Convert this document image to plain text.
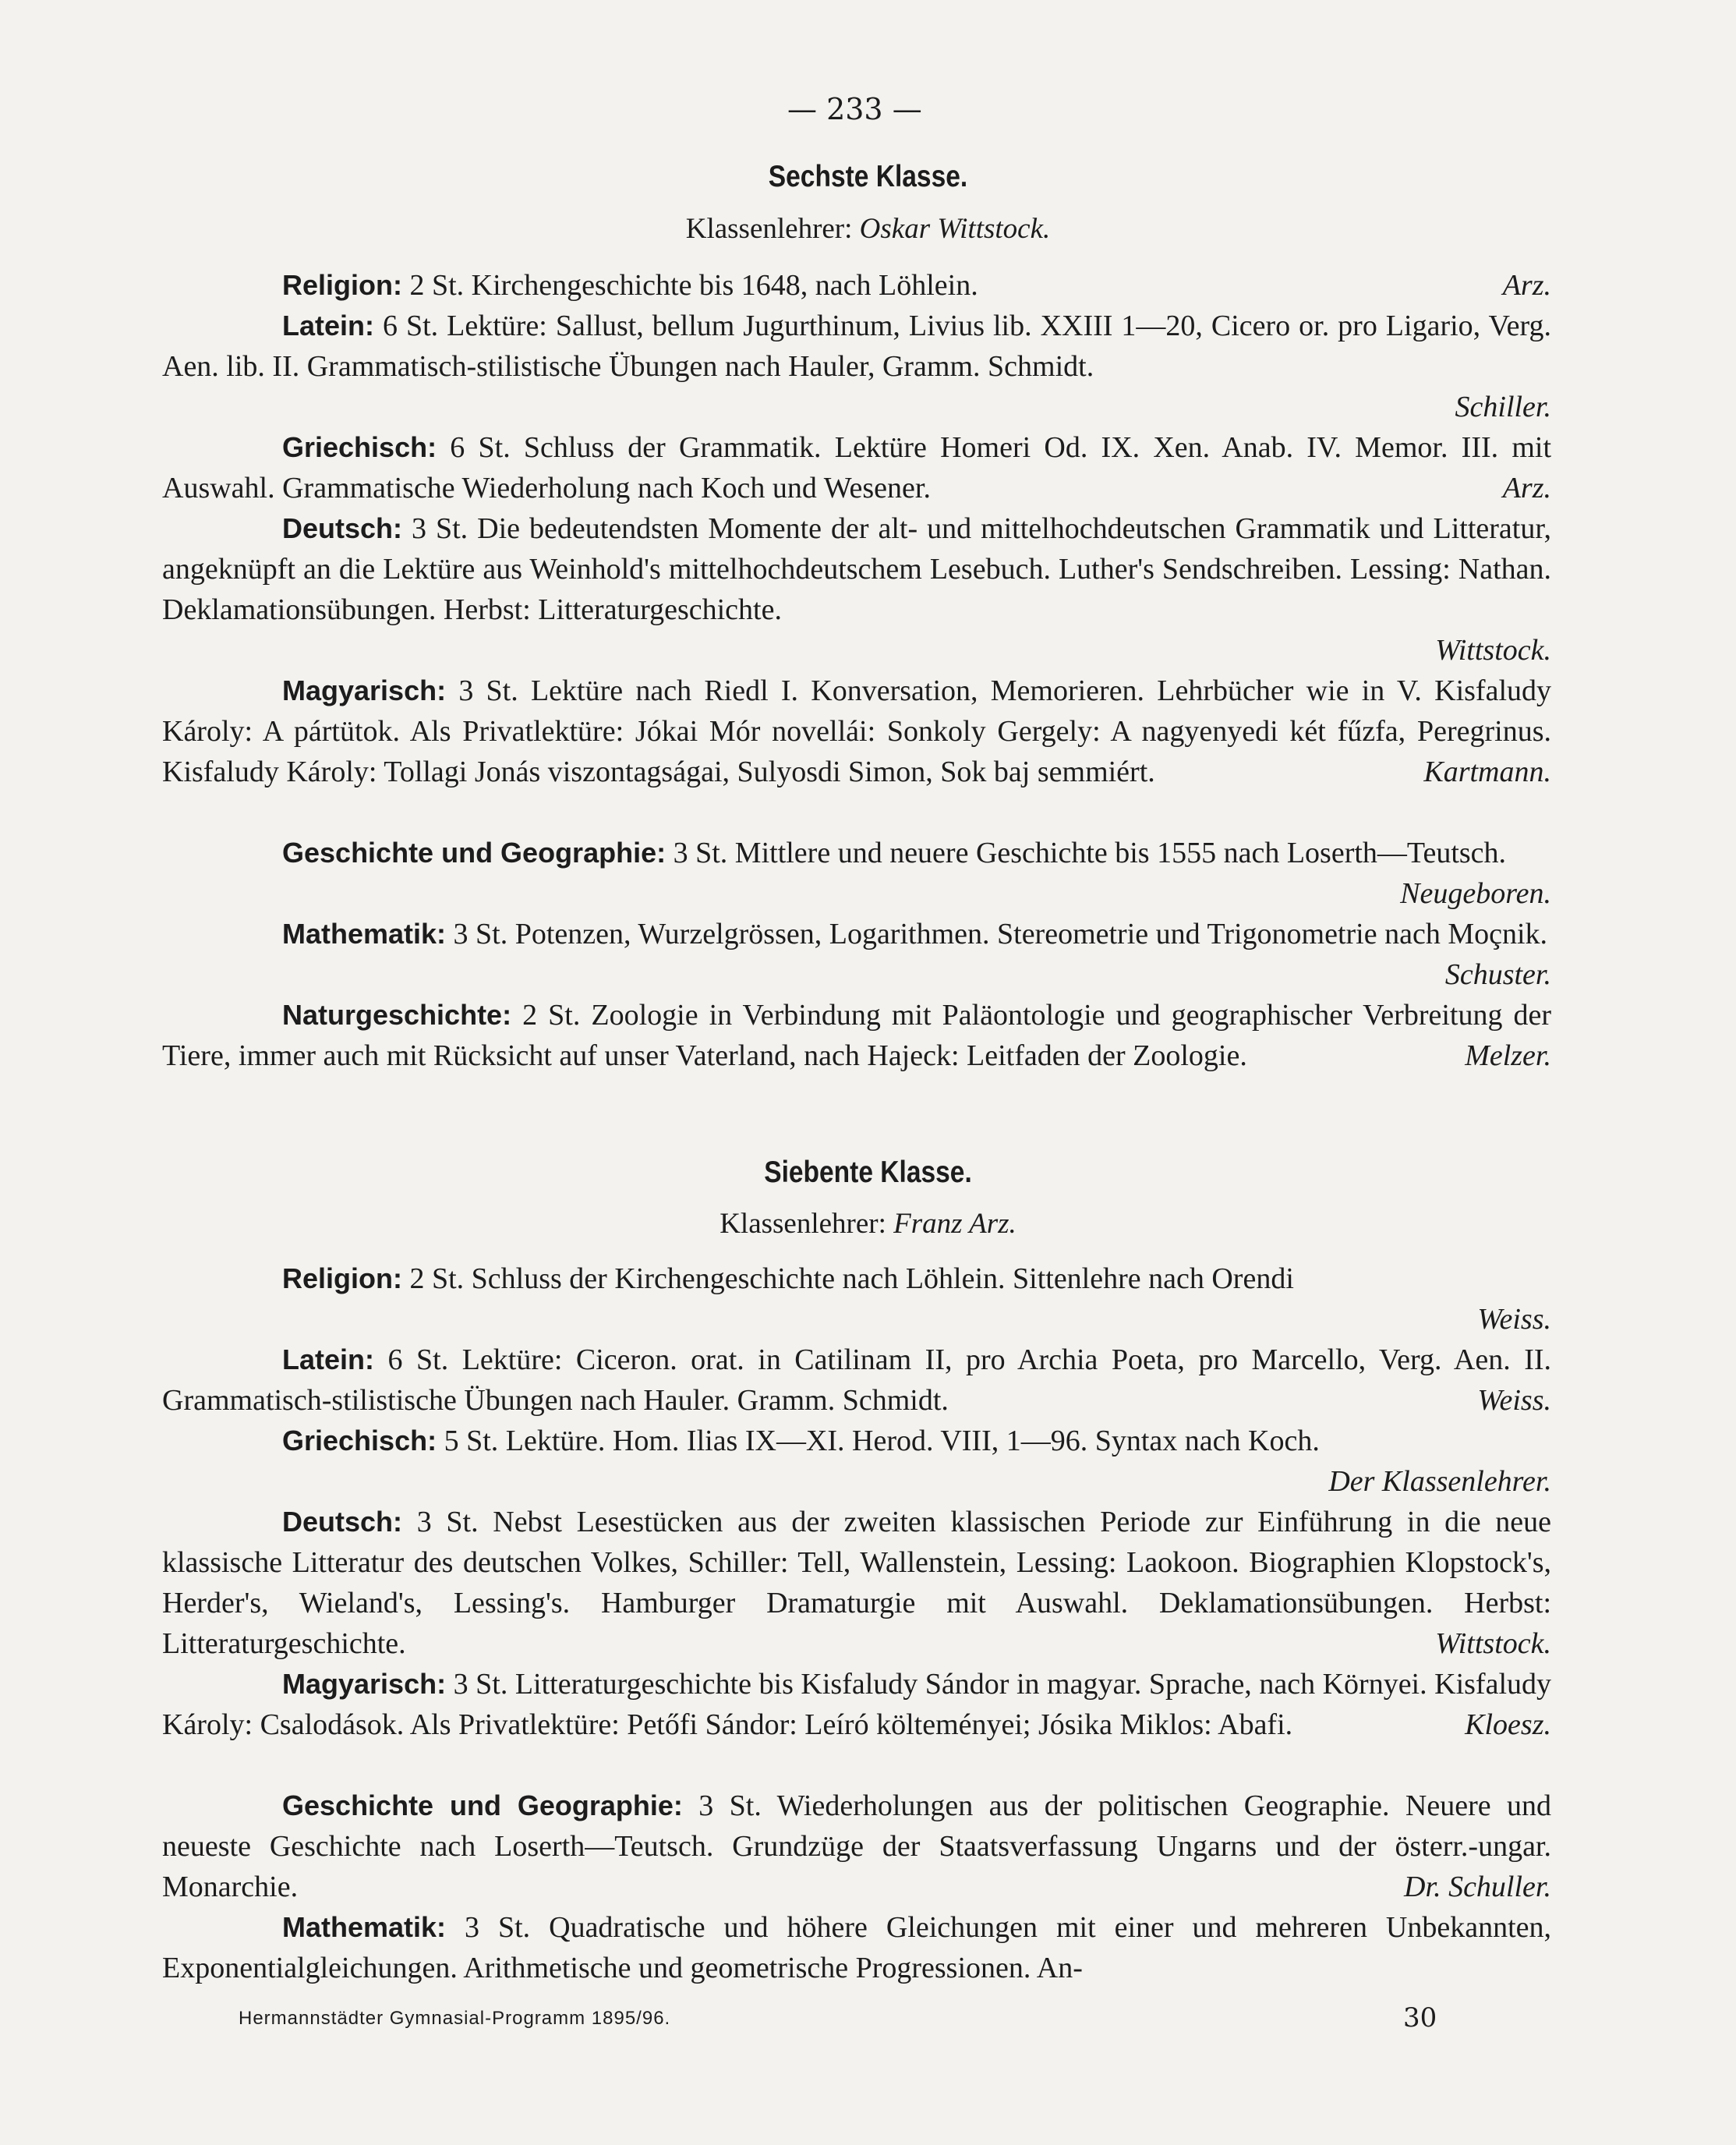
— 233 —
Sechste Klasse.
Klassenlehrer: Oskar Wittstock.
Religion: 2 St. Kirchengeschichte bis 1648, nach Löhlein.	Arz.
Latein: 6 St. Lektüre: Sallust, bellum Jugurthinum, Livius lib. XXIII 1—20, Cicero or. pro Ligario, Verg. Aen. lib. II. Grammatisch-stilistische Übungen nach Hauler, Gramm. Schmidt.
Schiller.
Griechisch: 6 St. Schluss der Grammatik. Lektüre Homeri Od. IX. Xen. Anab. IV. Memor. III. mit Auswahl. Grammatische Wiederholung nach Koch und Wesener.	Arz.
Deutsch: 3 St. Die bedeutendsten Momente der alt- und mittelhochdeutschen Grammatik und Litteratur, angeknüpft an die Lektüre aus Weinhold's mittelhochdeutschem Lesebuch. Luther's Sendschreiben. Lessing: Nathan. Deklamationsübungen. Herbst: Litteraturgeschichte.
Wittstock.
Magyarisch: 3 St. Lektüre nach Riedl I. Konversation, Memorieren. Lehrbücher wie in V. Kisfaludy Károly: A pártütok. Als Privatlektüre: Jókai Mór novellái: Sonkoly Gergely: A nagyenyedi két fűzfa, Peregrinus. Kisfaludy Károly: Tollagi Jonás viszontagságai, Sulyosdi Simon, Sok baj semmiért.	Kartmann.
Geschichte und Geographie: 3 St. Mittlere und neuere Geschichte bis 1555 nach Loserth—Teutsch.
Neugeboren.
Mathematik: 3 St. Potenzen, Wurzelgrössen, Logarithmen. Stereometrie und Trigonometrie nach Moçnik.
Schuster.
Naturgeschichte: 2 St. Zoologie in Verbindung mit Paläontologie und geographischer Verbreitung der Tiere, immer auch mit Rücksicht auf unser Vaterland, nach Hajeck: Leitfaden der Zoologie.	Melzer.
Siebente Klasse.
Klassenlehrer: Franz Arz.
Religion: 2 St. Schluss der Kirchengeschichte nach Löhlein. Sittenlehre nach Orendi
Weiss.
Latein: 6 St. Lektüre: Ciceron. orat. in Catilinam II, pro Archia Poeta, pro Marcello, Verg. Aen. II. Grammatisch-stilistische Übungen nach Hauler. Gramm. Schmidt.	Weiss.
Griechisch: 5 St. Lektüre. Hom. Ilias IX—XI. Herod. VIII, 1—96. Syntax nach Koch.
Der Klassenlehrer.
Deutsch: 3 St. Nebst Lesestücken aus der zweiten klassischen Periode zur Einführung in die neue klassische Litteratur des deutschen Volkes, Schiller: Tell, Wallenstein, Lessing: Laokoon. Biographien Klopstock's, Herder's, Wieland's, Lessing's. Hamburger Dramaturgie mit Auswahl. Deklamationsübungen. Herbst: Litteraturgeschichte.	Wittstock.
Magyarisch: 3 St. Litteraturgeschichte bis Kisfaludy Sándor in magyar. Sprache, nach Környei. Kisfaludy Károly: Csalodások. Als Privatlektüre: Petőfi Sándor: Leíró költeményei; Jósika Miklos: Abafi.	Kloesz.
Geschichte und Geographie: 3 St. Wiederholungen aus der politischen Geographie. Neuere und neueste Geschichte nach Loserth—Teutsch. Grundzüge der Staatsverfassung Ungarns und der österr.-ungar. Monarchie.	Dr. Schuller.
Mathematik: 3 St. Quadratische und höhere Gleichungen mit einer und mehreren Unbekannten, Exponentialgleichungen. Arithmetische und geometrische Progressionen. An-
Hermannstädter Gymnasial-Programm 1895/96.	30
